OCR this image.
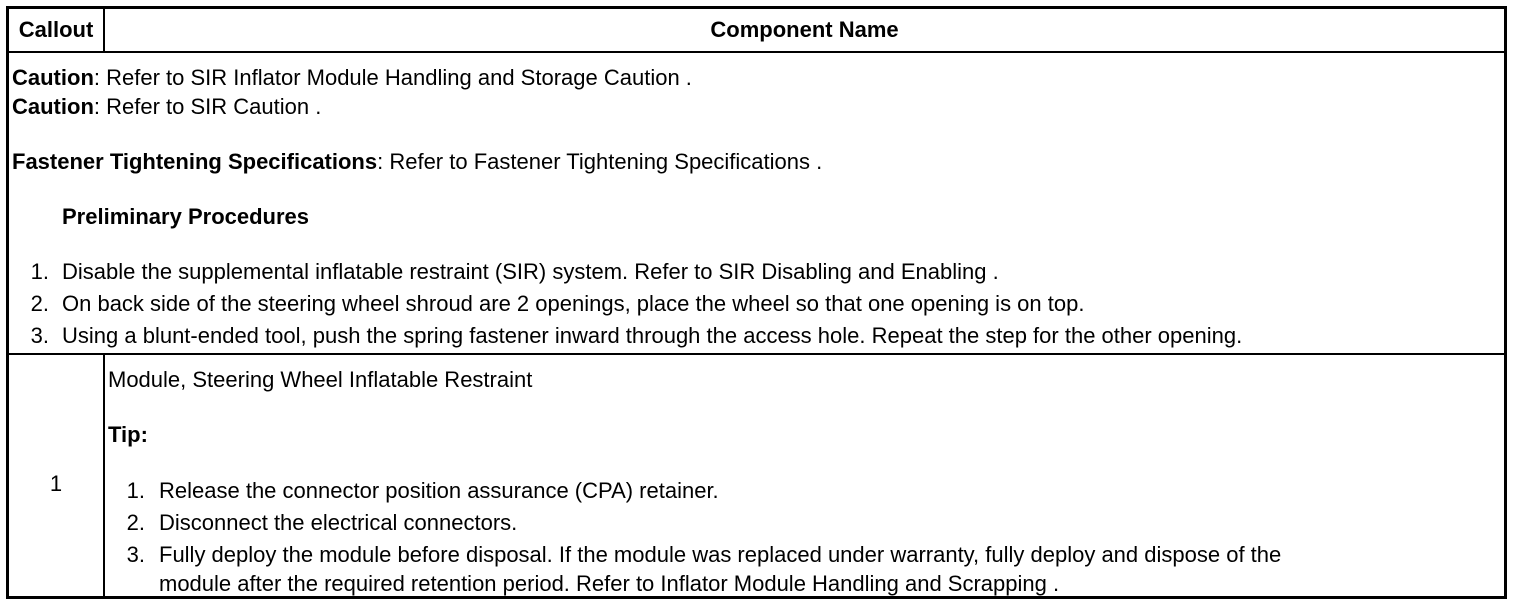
Callout	Component Name
Caution: Refer to SIR Inflator Module Handling and Storage Caution .
Caution: Refer to SIR Caution .
Fastener Tightening Specifications: Refer to Fastener Tightening Specifications .
Preliminary Procedures
1. Disable the supplemental inflatable restraint (SIR) system. Refer to SIR Disabling and Enabling .
2. On back side of the steering wheel shroud are 2 openings, place the wheel so that one opening is on top.
3. Using a blunt-ended tool, push the spring fastener inward through the access hole. Repeat the step for the other opening.
1
Module, Steering Wheel Inflatable Restraint
Tip:
1. Release the connector position assurance (CPA) retainer.
2. Disconnect the electrical connectors.
3. Fully deploy the module before disposal. If the module was replaced under warranty, fully deploy and dispose of the
module after the required retention period. Refer to Inflator Module Handling and Scrapping .
